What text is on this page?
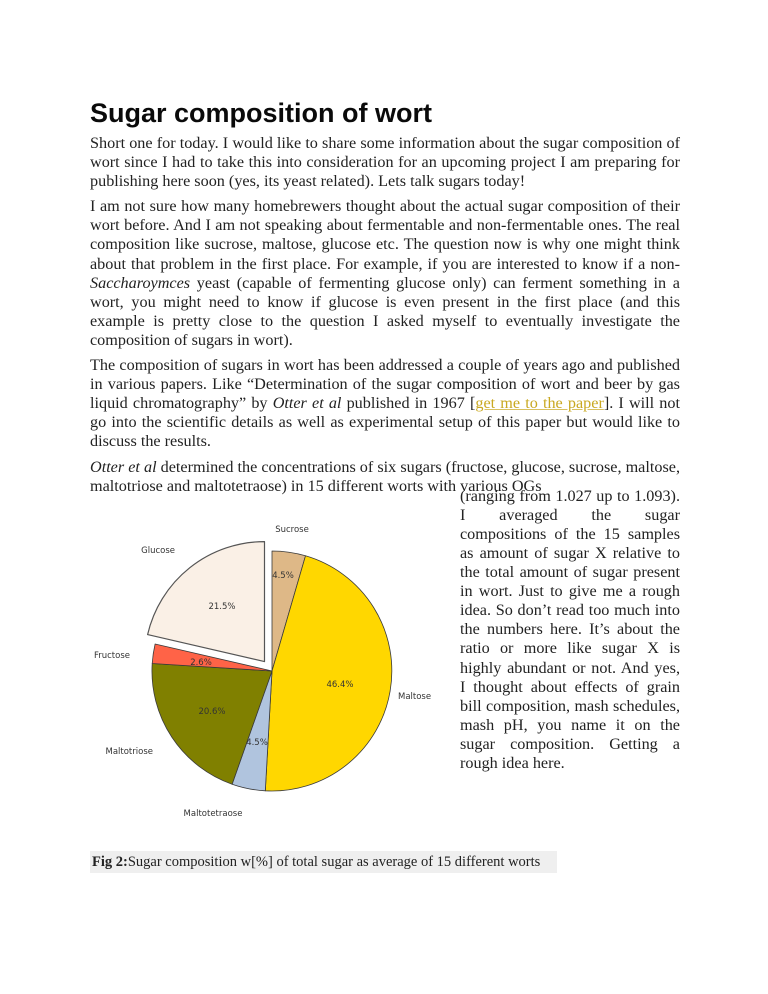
Sugar composition of wort

Short one for today. I would like to share some information about the sugar composition of wort since I had to take this into consideration for an upcoming project I am preparing for publishing here soon (yes, its yeast related). Lets talk sugars today!

I am not sure how many homebrewers thought about the actual sugar composition of their wort before. And I am not speaking about fermentable and non-fermentable ones. The real composition like sucrose, maltose, glucose etc. The question now is why one might think about that problem in the first place. For example, if you are interested to know if a non-Saccharoymces yeast (capable of fermenting glucose only) can ferment something in a wort, you might need to know if glucose is even present in the first place (and this example is pretty close to the question I asked myself to eventually investigate the composition of sugars in wort).

The composition of sugars in wort has been addressed a couple of years ago and published in various papers. Like “Determination of the sugar composition of wort and beer by gas liquid chromatography” by Otter et al published in 1967 [get me to the paper]. I will not go into the scientific details as well as experimental setup of this paper but would like to discuss the results.

Otter et al determined the concentrations of six sugars (fructose, glucose, sucrose, maltose, maltotriose and maltotetraose) in 15 different worts with various OGs

(ranging from 1.027 up to 1.093). I averaged the sugar compositions of the 15 samples as amount of sugar X relative to the total amount of sugar present in wort. Just to give me a rough idea. So don’t read too much into the numbers here. It’s about the ratio or more like sugar X is highly abundant or not. And yes, I thought about effects of grain bill composition, mash schedules, mash pH, you name it on the sugar composition. Getting a rough idea here.

Sucrose
Maltose
Maltotetraose
Maltotriose
Fructose
Glucose
4.5%
46.4%
4.5%
20.6%
2.6%
21.5%
Fig 2:Sugar composition w[%] of total sugar as average of 15 different worts
